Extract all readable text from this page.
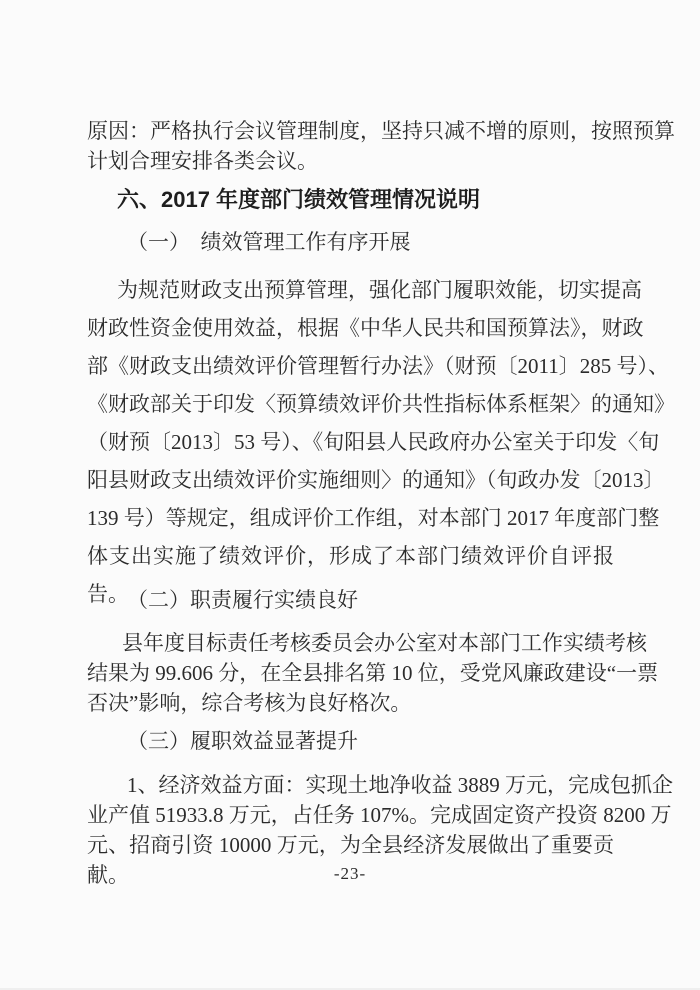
原因：严格执行会议管理制度，坚持只减不增的原则，按照预算
计划合理安排各类会议。
六、2017 年度部门绩效管理情况说明
（一）　绩效管理工作有序开展
为规范财政支出预算管理，强化部门履职效能，切实提高
财政性资金使用效益，根据《中华人民共和国预算法》，财政
部《财政支出绩效评价管理暂行办法》（财预〔2011〕285 号）、
《财政部关于印发〈预算绩效评价共性指标体系框架〉的通知》
（财预〔2013〕53 号）、《旬阳县人民政府办公室关于印发〈旬
阳县财政支出绩效评价实施细则〉的通知》（旬政办发〔2013〕
139 号）等规定，组成评价工作组，对本部门 2017 年度部门整
体支出实施了绩效评价，形成了本部门绩效评价自评报告。
（二）职责履行实绩良好
县年度目标责任考核委员会办公室对本部门工作实绩考核
结果为 99.606 分，在全县排名第 10 位，受党风廉政建设“一票
否决”影响，综合考核为良好格次。
（三）履职效益显著提升
1、经济效益方面：实现土地净收益 3889 万元，完成包抓企
业产值 51933.8 万元，占任务 107%。完成固定资产投资 8200 万
元、招商引资 10000 万元，为全县经济发展做出了重要贡献。	-23-
